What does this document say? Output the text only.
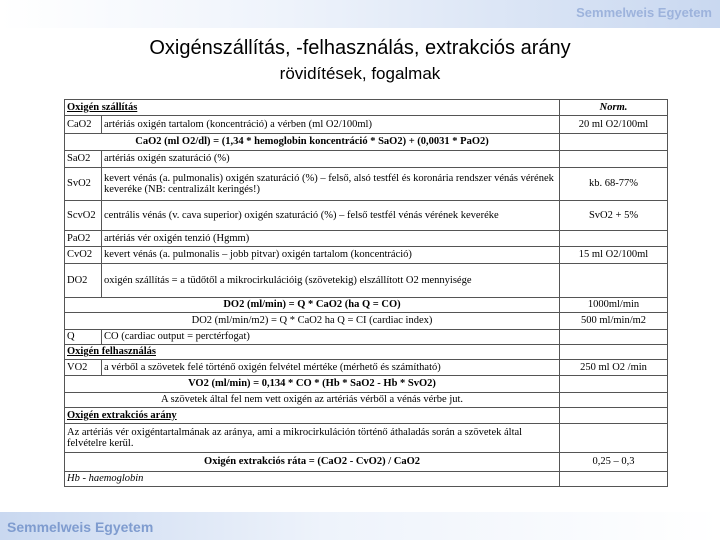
Semmelweis Egyetem
Oxigénszállítás, -felhasználás, extrakciós arány
rövidítések, fogalmak
Oxigén szállítás		Norm.
CaO2	artériás oxigén tartalom (koncentráció) a vérben (ml O2/100ml)	20 ml O2/100ml
CaO2 (ml O2/dl) = (1,34 * hemoglobin koncentráció * SaO2) + (0,0031 * PaO2)		
SaO2	artériás oxigén szaturáció (%)	
SvO2	kevert vénás (a. pulmonalis) oxigén szaturáció (%) – felső, alsó testfél és koronária rendszer vénás vérének keveréke (NB: centralizált keringés!)	kb. 68-77%
ScvO2	centrális vénás (v. cava superior) oxigén szaturáció (%) – felső testfél vénás vérének keveréke	SvO2 + 5%
PaO2	artériás vér oxigén tenzió (Hgmm)	
CvO2	kevert vénás (a. pulmonalis – jobb pitvar) oxigén tartalom (koncentráció)	15 ml O2/100ml
DO2	oxigén szállítás = a tüdőtől a mikrocirkulációig (szövetekig) elszállított O2 mennyisége	
DO2 (ml/min) = Q * CaO2 (ha Q = CO)		1000ml/min
DO2 (ml/min/m2) = Q * CaO2 ha Q = CI (cardiac index)		500 ml/min/m2
Q	CO (cardiac output = perctérfogat)	
Oxigén felhasználás		
VO2	a vérből a szövetek felé történő oxigén felvétel mértéke (mérhető és számítható)	250 ml O2 /min
VO2 (ml/min) = 0,134 * CO * (Hb * SaO2 - Hb * SvO2)		
A szövetek által fel nem vett oxigén az artériás vérből a vénás vérbe jut.		
Oxigén extrakciós arány		
Az artériás vér oxigéntartalmának az aránya, ami a mikrocirkuláción történő áthaladás során a szövetek által felvételre kerül.		
Oxigén extrakciós ráta = (CaO2 - CvO2) / CaO2		0,25 – 0,3
Hb - haemoglobin		
Semmelweis Egyetem
